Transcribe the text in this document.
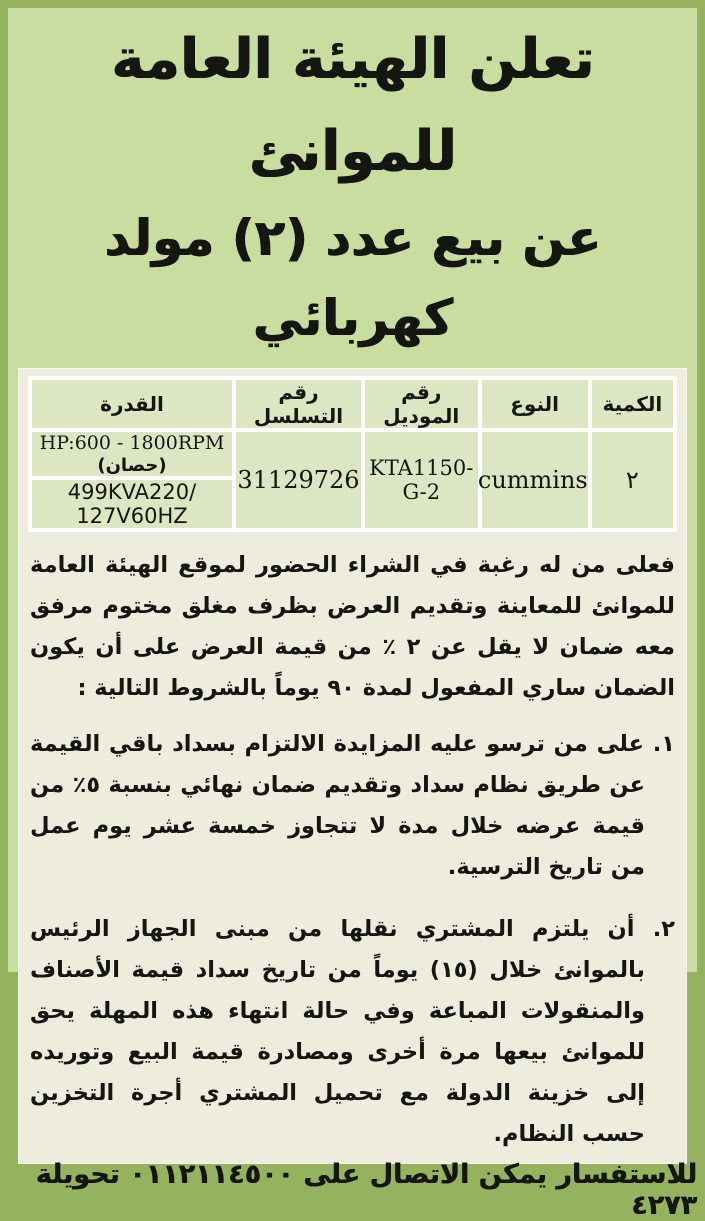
تعلن الهيئة العامة للموانئ
عن بيع عدد (٢) مولد كهربائي
الكمية	النوع	رقم الموديل	رقم التسلسل	القدرة
٢	cummins	KTA1150-G-2	31129726	HP:600 - 1800RPM (حصان)
				499KVA220/ 127V60HZ

فعلى من له رغبة في الشراء الحضور لموقع الهيئة العامة للموانئ للمعاينة وتقديم العرض بظرف مغلق مختوم مرفق معه ضمان لا يقل عن ٢ ٪ من قيمة العرض على أن يكون الضمان ساري المفعول لمدة ٩٠ يوماً بالشروط التالية :

١. على من ترسو عليه المزايدة الالتزام بسداد باقي القيمة عن طريق نظام سداد وتقديم ضمان نهائي بنسبة ٥٪ من قيمة عرضه خلال مدة لا تتجاوز خمسة عشر يوم عمل من تاريخ الترسية.

٢. أن يلتزم المشتري نقلها من مبنى الجهاز الرئيس بالموانئ خلال (١٥) يوماً من تاريخ سداد قيمة الأصناف والمنقولات المباعة وفي حالة انتهاء هذه المهلة يحق للموانئ بيعها مرة أخرى ومصادرة قيمة البيع وتوريده إلى خزينة الدولة مع تحميل المشتري أجرة التخزين حسب النظام.

للاستفسار يمكن الاتصال على ٠١١٢١١٤٥٠٠ تحويلة ٤٢٧٣
